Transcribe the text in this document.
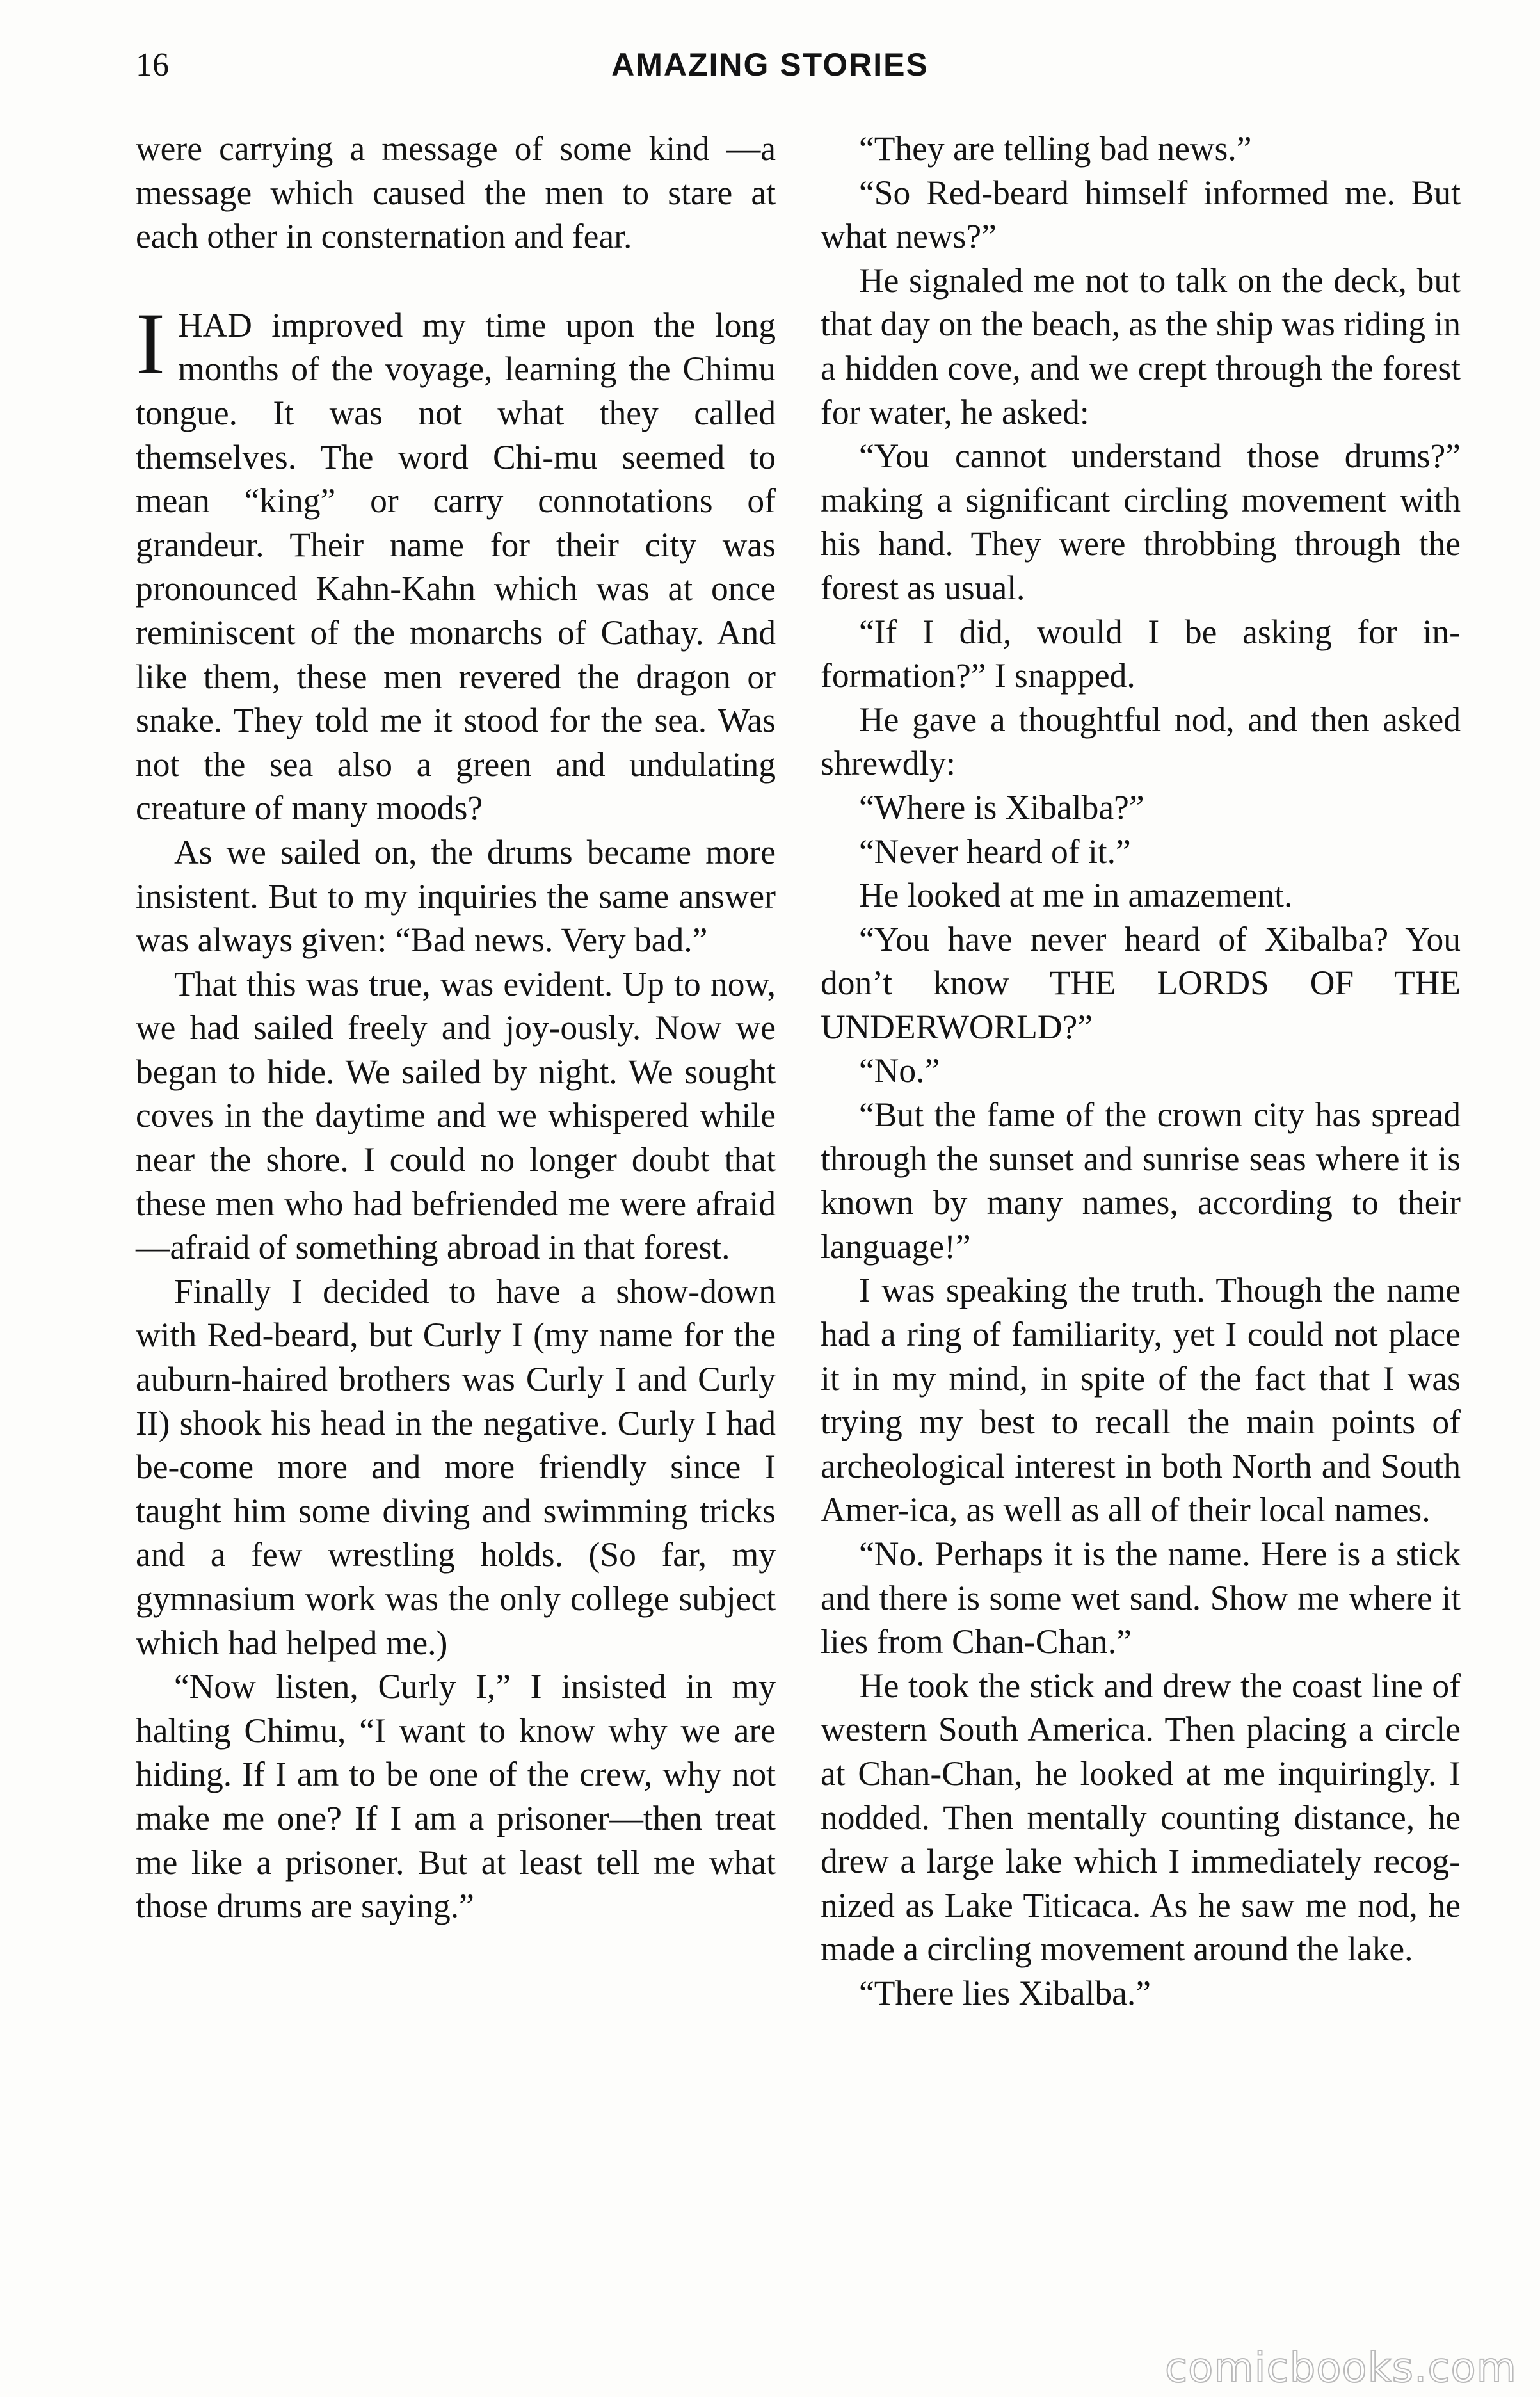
16	AMAZING STORIES

were carrying a message of some kind —a message which caused the men to stare at each other in consternation and fear.

IHAD improved my time upon the long months of the voyage, learning the Chimu tongue. It was not what they called themselves. The word Chi-mu seemed to mean “king” or carry connotations of grandeur. Their name for their city was pronounced Kahn-Kahn which was at once reminiscent of the monarchs of Cathay. And like them, these men revered the dragon or snake. They told me it stood for the sea. Was not the sea also a green and undulating creature of many moods?

As we sailed on, the drums became more insistent. But to my inquiries the same answer was always given: “Bad news. Very bad.”

That this was true, was evident. Up to now, we had sailed freely and joy-ously. Now we began to hide. We sailed by night. We sought coves in the daytime and we whispered while near the shore. I could no longer doubt that these men who had befriended me were afraid—afraid of something abroad in that forest.

Finally I decided to have a show-down with Red-beard, but Curly I (my name for the auburn-haired brothers was Curly I and Curly II) shook his head in the negative. Curly I had be-come more and more friendly since I taught him some diving and swimming tricks and a few wrestling holds. (So far, my gymnasium work was the only college subject which had helped me.)

“Now listen, Curly I,” I insisted in my halting Chimu, “I want to know why we are hiding. If I am to be one of the crew, why not make me one? If I am a prisoner—then treat me like a prisoner. But at least tell me what those drums are saying.”

“They are telling bad news.”

“So Red-beard himself informed me. But what news?”

He signaled me not to talk on the deck, but that day on the beach, as the ship was riding in a hidden cove, and we crept through the forest for water, he asked:

“You cannot understand those drums?” making a significant circling movement with his hand. They were throbbing through the forest as usual.

“If I did, would I be asking for in-formation?” I snapped.

He gave a thoughtful nod, and then asked shrewdly:

“Where is Xibalba?”

“Never heard of it.”

He looked at me in amazement.

“You have never heard of Xibalba? You don’t know THE LORDS OF THE UNDERWORLD?”

“No.”

“But the fame of the crown city has spread through the sunset and sunrise seas where it is known by many names, according to their language!”

I was speaking the truth. Though the name had a ring of familiarity, yet I could not place it in my mind, in spite of the fact that I was trying my best to recall the main points of archeological interest in both North and South Amer-ica, as well as all of their local names.

“No. Perhaps it is the name. Here is a stick and there is some wet sand. Show me where it lies from Chan-Chan.”

He took the stick and drew the coast line of western South America. Then placing a circle at Chan-Chan, he looked at me inquiringly. I nodded. Then mentally counting distance, he drew a large lake which I immediately recog-nized as Lake Titicaca. As he saw me nod, he made a circling movement around the lake.

“There lies Xibalba.”

comicbooks.com
